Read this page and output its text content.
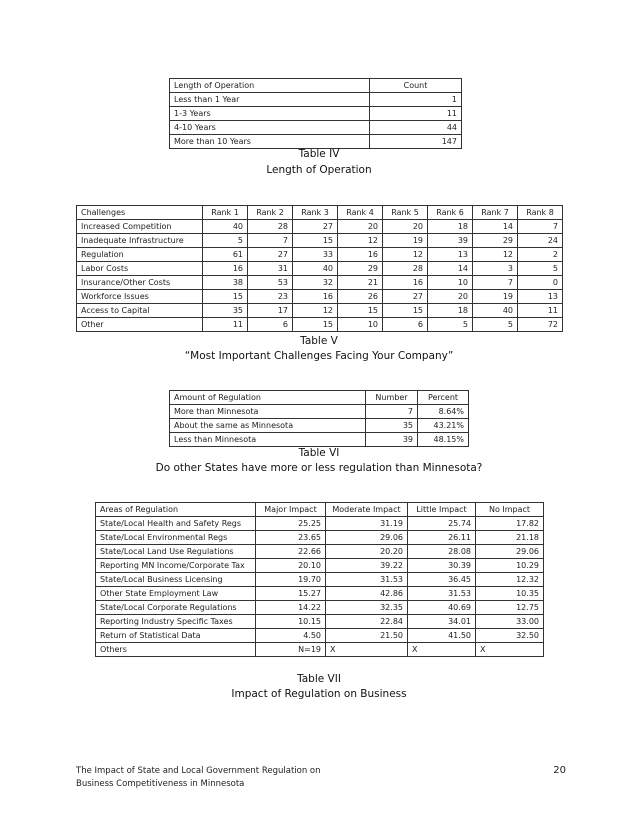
Length of Operation	Count
Less than 1 Year	1
1-3 Years	11
4-10 Years	44
More than 10 Years	147
Table IV
Length of Operation
Challenges	Rank 1	Rank 2	Rank 3	Rank 4	Rank 5	Rank 6	Rank 7	Rank 8
Increased Competition	40	28	27	20	20	18	14	7
Inadequate Infrastructure	5	7	15	12	19	39	29	24
Regulation	61	27	33	16	12	13	12	2
Labor Costs	16	31	40	29	28	14	3	5
Insurance/Other Costs	38	53	32	21	16	10	7	0
Workforce Issues	15	23	16	26	27	20	19	13
Access to Capital	35	17	12	15	15	18	40	11
Other	11	6	15	10	6	5	5	72
Table V
“Most Important Challenges Facing Your Company”
Amount of Regulation	Number	Percent
More than Minnesota	7	8.64%
About the same as Minnesota	35	43.21%
Less than Minnesota	39	48.15%
Table VI
Do other States have more or less regulation than Minnesota?
Areas of Regulation	Major Impact	Moderate Impact	Little Impact	No Impact
State/Local Health and Safety Regs	25.25	31.19	25.74	17.82
State/Local Environmental Regs	23.65	29.06	26.11	21.18
State/Local Land Use Regulations	22.66	20.20	28.08	29.06
Reporting MN Income/Corporate Tax	20.10	39.22	30.39	10.29
State/Local Business Licensing	19.70	31.53	36.45	12.32
Other State Employment Law	15.27	42.86	31.53	10.35
State/Local Corporate Regulations	14.22	32.35	40.69	12.75
Reporting Industry Specific Taxes	10.15	22.84	34.01	33.00
Return of Statistical Data	4.50	21.50	41.50	32.50
Others	N=19	X	X	X
Table VII
Impact of Regulation on Business
The Impact of State and Local Government Regulation on
Business Competitiveness in Minnesota
20
